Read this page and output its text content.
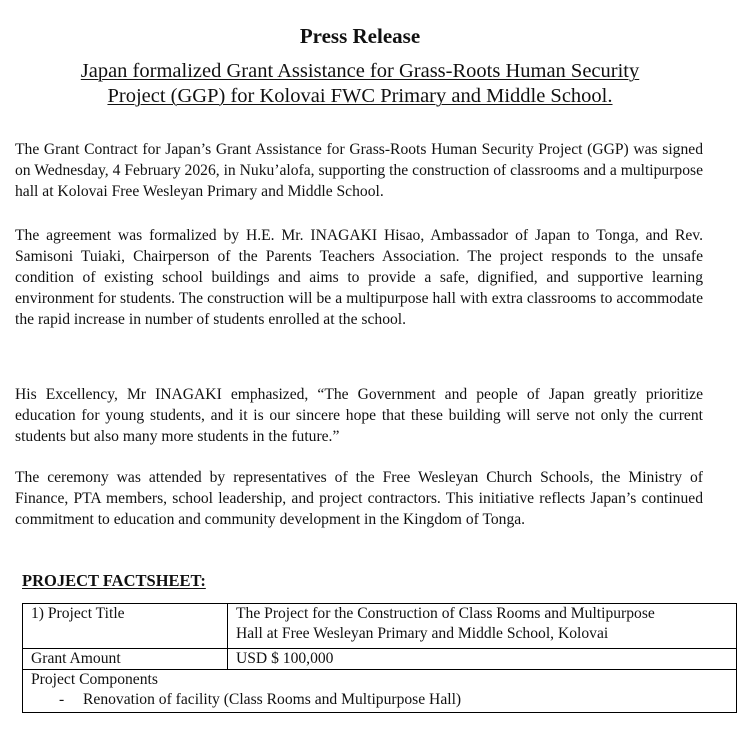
Press Release
Japan formalized Grant Assistance for Grass-Roots Human Security
Project (GGP) for Kolovai FWC Primary and Middle School.

The Grant Contract for Japan’s Grant Assistance for Grass-Roots Human Security Project (GGP) was signed on Wednesday, 4 February 2026, in Nuku’alofa, supporting the construction of classrooms and a multipurpose hall at Kolovai Free Wesleyan Primary and Middle School.

The agreement was formalized by H.E. Mr. INAGAKI Hisao, Ambassador of Japan to Tonga, and Rev. Samisoni Tuiaki, Chairperson of the Parents Teachers Association. The project responds to the unsafe condition of existing school buildings and aims to provide a safe, dignified, and supportive learning environment for students. The construction will be a multipurpose hall with extra classrooms to accommodate the rapid increase in number of students enrolled at the school.

His Excellency, Mr INAGAKI emphasized, “The Government and people of Japan greatly prioritize education for young students, and it is our sincere hope that these building will serve not only the current students but also many more students in the future.”

The ceremony was attended by representatives of the Free Wesleyan Church Schools, the Ministry of Finance, PTA members, school leadership, and project contractors. This initiative reflects Japan’s continued commitment to education and community development in the Kingdom of Tonga.

PROJECT FACTSHEET:
1) Project Title	The Project for the Construction of Class Rooms and Multipurpose
Hall at Free Wesleyan Primary and Middle School, Kolovai

Grant Amount	USD $ 100,000

Project Components
- Renovation of facility (Class Rooms and Multipurpose Hall)	
